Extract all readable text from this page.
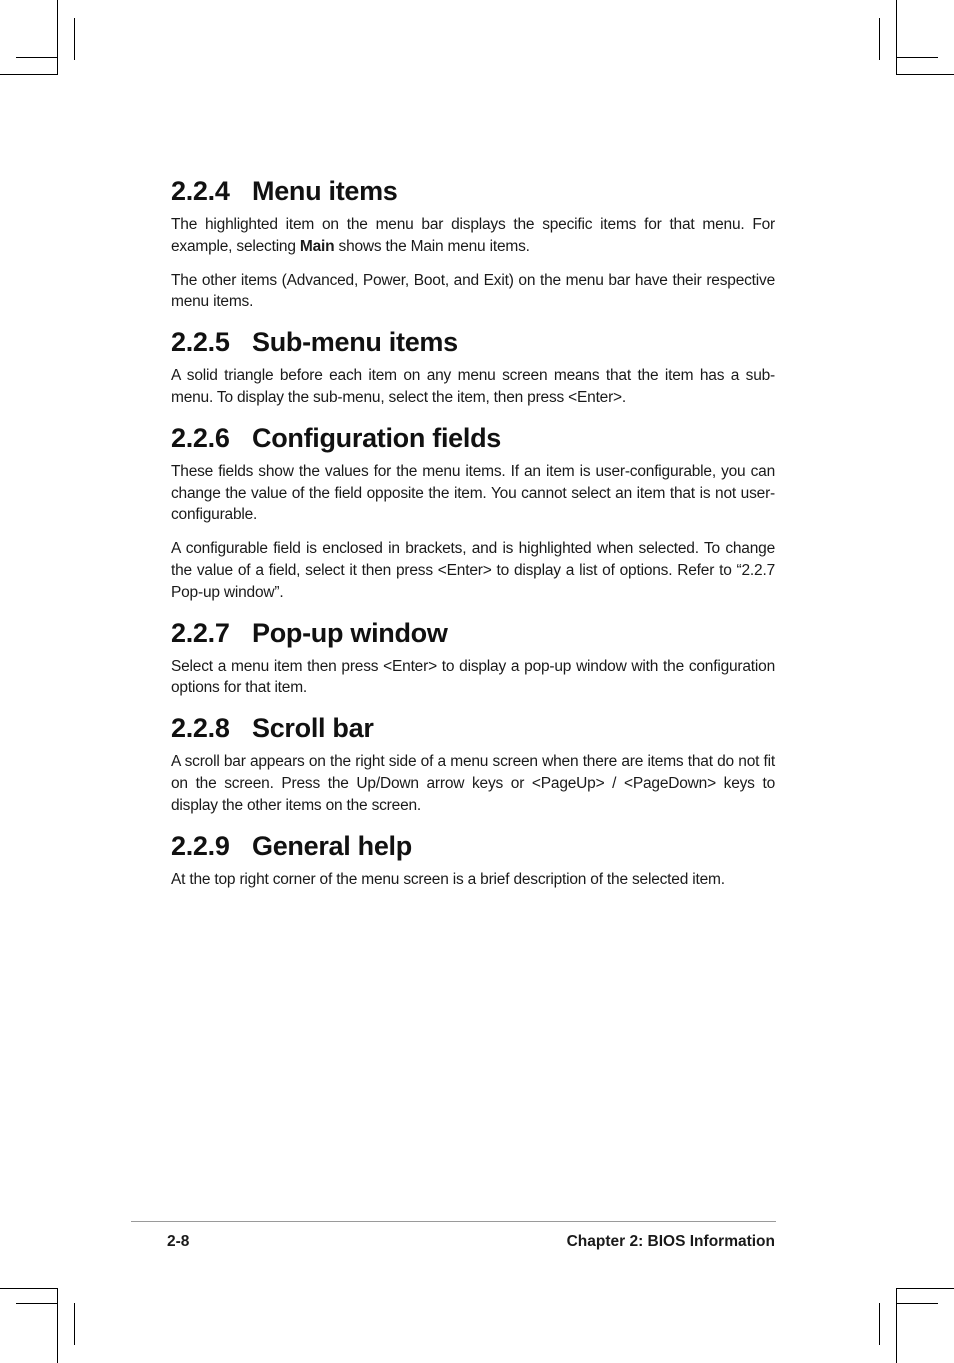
2.2.4 Menu items

The highlighted item on the menu bar displays the specific items for that menu. For example, selecting Main shows the Main menu items.

The other items (Advanced, Power, Boot, and Exit) on the menu bar have their respective menu items.

2.2.5 Sub-menu items

A solid triangle before each item on any menu screen means that the item has a sub-menu. To display the sub-menu, select the item, then press <Enter>.

2.2.6 Configuration fields

These fields show the values for the menu items. If an item is user-configurable, you can change the value of the field opposite the item. You cannot select an item that is not user-configurable.

A configurable field is enclosed in brackets, and is highlighted when selected. To change the value of a field, select it then press <Enter> to display a list of options. Refer to “2.2.7 Pop-up window”.

2.2.7 Pop-up window

Select a menu item then press <Enter> to display a pop-up window with the configuration options for that item.

2.2.8 Scroll bar

A scroll bar appears on the right side of a menu screen when there are items that do not fit on the screen. Press the Up/Down arrow keys or <PageUp> / <PageDown> keys to display the other items on the screen.

2.2.9 General help

At the top right corner of the menu screen is a brief description of the selected item.

2-8	Chapter 2: BIOS Information
